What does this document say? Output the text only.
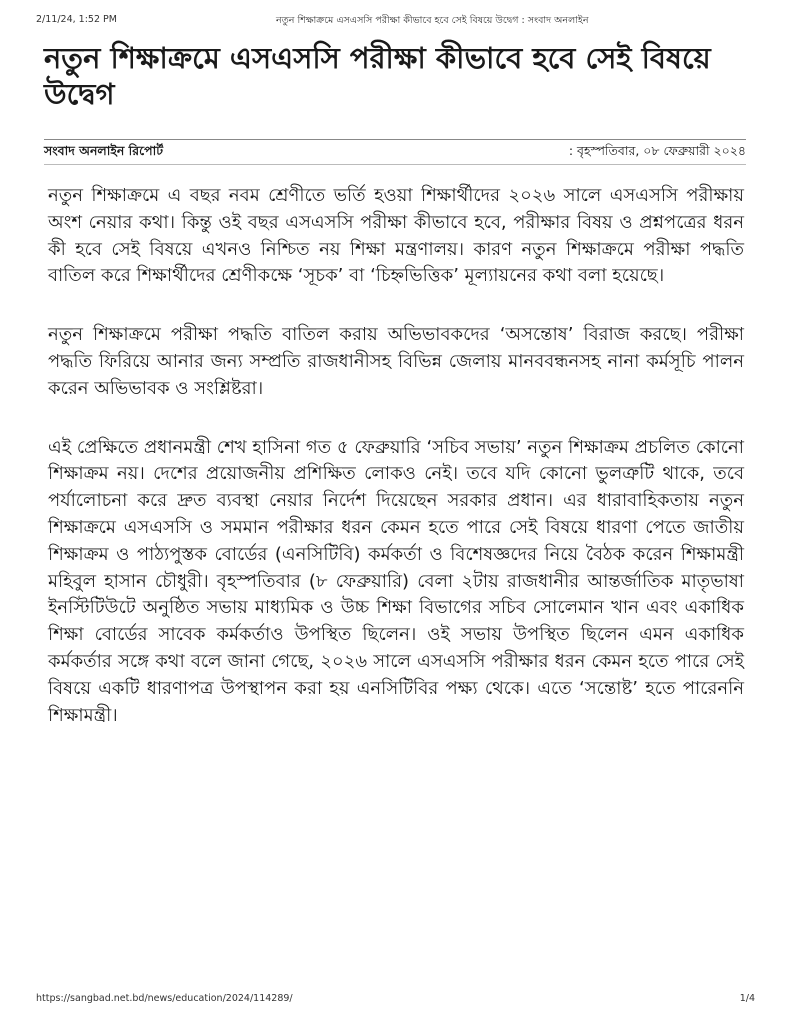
2/11/24, 1:52 PM	নতুন শিক্ষাক্রমে এসএসসি পরীক্ষা কীভাবে হবে সেই বিষয়ে উদ্বেগ : সংবাদ অনলাইন
নতুন শিক্ষাক্রমে এসএসসি পরীক্ষা কীভাবে হবে সেই বিষয়ে উদ্বেগ
সংবাদ অনলাইন রিপোর্ট	: বৃহস্পতিবার, ০৮ ফেব্রুয়ারী ২০২৪

নতুন শিক্ষাক্রমে এ বছর নবম শ্রেণীতে ভর্তি হওয়া শিক্ষার্থীদের ২০২৬ সালে এসএসসি পরীক্ষায় অংশ নেয়ার কথা। কিন্তু ওই বছর এসএসসি পরীক্ষা কীভাবে হবে, পরীক্ষার বিষয় ও প্রশ্নপত্রের ধরন কী হবে সেই বিষয়ে এখনও নিশ্চিত নয় শিক্ষা মন্ত্রণালয়। কারণ নতুন শিক্ষাক্রমে পরীক্ষা পদ্ধতি বাতিল করে শিক্ষার্থীদের শ্রেণীকক্ষে ‘সূচক’ বা ‘চিহ্নভিত্তিক’ মূল্যায়নের কথা বলা হয়েছে।

নতুন শিক্ষাক্রমে পরীক্ষা পদ্ধতি বাতিল করায় অভিভাবকদের ‘অসন্তোষ’ বিরাজ করছে। পরীক্ষা পদ্ধতি ফিরিয়ে আনার জন্য সম্প্রতি রাজধানীসহ বিভিন্ন জেলায় মানববন্ধনসহ নানা কর্মসূচি পালন করেন অভিভাবক ও সংশ্লিষ্টরা।

এই প্রেক্ষিতে প্রধানমন্ত্রী শেখ হাসিনা গত ৫ ফেব্রুয়ারি ‘সচিব সভায়’ নতুন শিক্ষাক্রম প্রচলিত কোনো শিক্ষাক্রম নয়। দেশের প্রয়োজনীয় প্রশিক্ষিত লোকও নেই। তবে যদি কোনো ভুলত্রুটি থাকে, তবে পর্যালোচনা করে দ্রুত ব্যবস্থা নেয়ার নির্দেশ দিয়েছেন সরকার প্রধান। এর ধারাবাহিকতায় নতুন শিক্ষাক্রমে এসএসসি ও সমমান পরীক্ষার ধরন কেমন হতে পারে সেই বিষয়ে ধারণা পেতে জাতীয় শিক্ষাক্রম ও পাঠ্যপুস্তক বোর্ডের (এনসিটিবি) কর্মকর্তা ও বিশেষজ্ঞদের নিয়ে বৈঠক করেন শিক্ষামন্ত্রী মহিবুল হাসান চৌধুরী। বৃহস্পতিবার (৮ ফেব্রুয়ারি) বেলা ২টায় রাজধানীর আন্তর্জাতিক মাতৃভাষা ইনস্টিটিউটে অনুষ্ঠিত সভায় মাধ্যমিক ও উচ্চ শিক্ষা বিভাগের সচিব সোলেমান খান এবং একাধিক শিক্ষা বোর্ডের সাবেক কর্মকর্তাও উপস্থিত ছিলেন। ওই সভায় উপস্থিত ছিলেন এমন একাধিক কর্মকর্তার সঙ্গে কথা বলে জানা গেছে, ২০২৬ সালে এসএসসি পরীক্ষার ধরন কেমন হতে পারে সেই বিষয়ে একটি ধারণাপত্র উপস্থাপন করা হয় এনসিটিবির পক্ষ্য থেকে। এতে ‘সন্তোষ্ট’ হতে পারেননি শিক্ষামন্ত্রী।

https://sangbad.net.bd/news/education/2024/114289/	1/4
